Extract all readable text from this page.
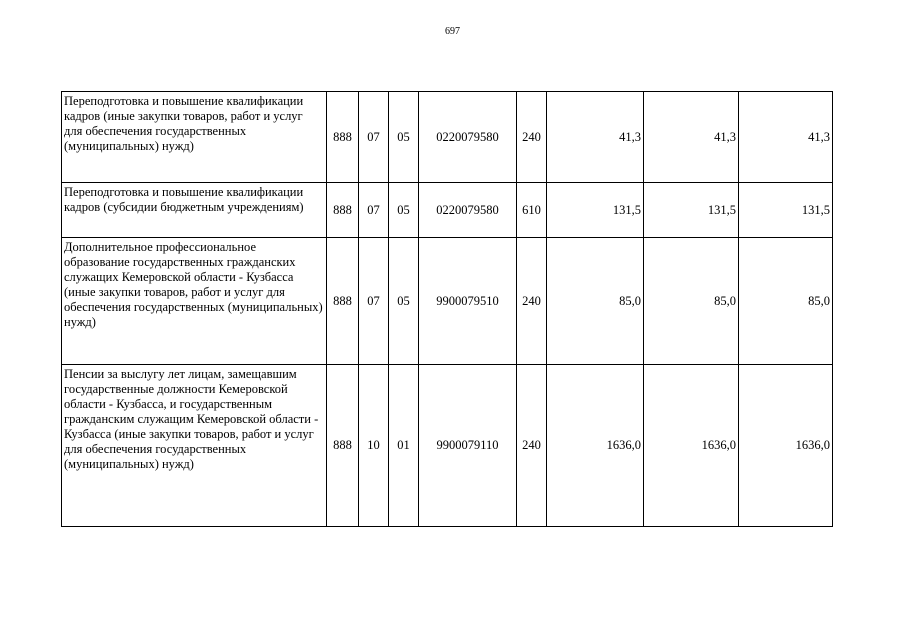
697
Переподготовка и повышение квалификации кадров (иные закупки товаров, работ и услуг для обеспечения государственных (муниципальных) нужд)	888	07	05	0220079580	240	41,3	41,3	41,3
Переподготовка и повышение квалификации кадров (субсидии бюджетным учреждениям)	888	07	05	0220079580	610	131,5	131,5	131,5
Дополнительное профессиональное образование государственных гражданских служащих Кемеровской области - Кузбасса (иные закупки товаров, работ и услуг для обеспечения государственных (муниципальных) нужд)	888	07	05	9900079510	240	85,0	85,0	85,0
Пенсии за выслугу лет лицам, замещавшим государственные должности Кемеровской области - Кузбасса, и государственным гражданским служащим Кемеровской области - Кузбасса (иные закупки товаров, работ и услуг для обеспечения государственных (муниципальных) нужд)	888	10	01	9900079110	240	1636,0	1636,0	1636,0
